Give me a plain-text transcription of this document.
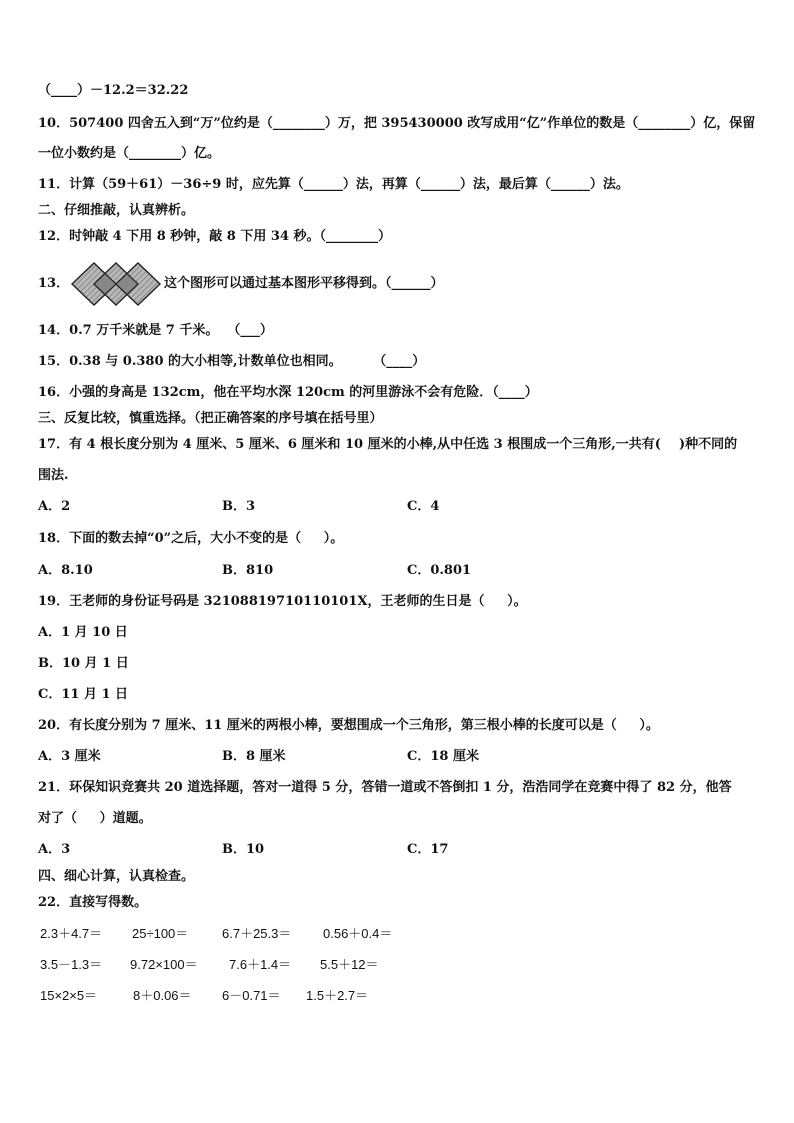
（____）－12.2＝32.22
10．507400 四舍五入到“万”位约是（________）万，把 395430000 改写成用“亿”作单位的数是（________）亿，保留
一位小数约是（________）亿。
11．计算（59＋61）－36÷9 时，应先算（______）法，再算（______）法，最后算（______）法。
二、仔细推敲，认真辨析。
12．时钟敲 4 下用 8 秒钟，敲 8 下用 34 秒。（________）
13．	这个图形可以通过基本图形平移得到。（______）
14．0.7 万千米就是 7 千米。  （___）
15．0.38 与 0.380 的大小相等,计数单位也相同。       （____）
16．小强的身高是 132cm，他在平均水深 120cm 的河里游泳不会有危险．（____）
三、反复比较，慎重选择。（把正确答案的序号填在括号里）
17．有 4 根长度分别为 4 厘米、5 厘米、6 厘米和 10 厘米的小棒,从中任选 3 根围成一个三角形,一共有(    )种不同的
围法.
A．2	B．3	C．4
18．下面的数去掉“0”之后，大小不变的是（     ）。
A．8.10	B．810	C．0.801
19．王老师的身份证号码是 32108819710110101X，王老师的生日是（     ）。
A．1 月 10 日
B．10 月 1 日
C．11 月 1 日
20．有长度分别为 7 厘米、11 厘米的两根小棒，要想围成一个三角形，第三根小棒的长度可以是（     ）。
A．3 厘米	B．8 厘米	C．18 厘米
21．环保知识竞赛共 20 道选择题，答对一道得 5 分，答错一道或不答倒扣 1 分，浩浩同学在竞赛中得了 82 分，他答
对了（     ）道题。
A．3	B．10	C．17
四、细心计算，认真检查。
22．直接写得数。
2.3＋4.7＝ 25÷100＝	6.7＋25.3＝ 0.56＋0.4＝
3.5－1.3＝ 9.72×100＝ 7.6＋1.4＝ 5.5＋12＝
15×2×5＝	8＋0.06＝ 6－0.71＝ 1.5＋2.7＝
